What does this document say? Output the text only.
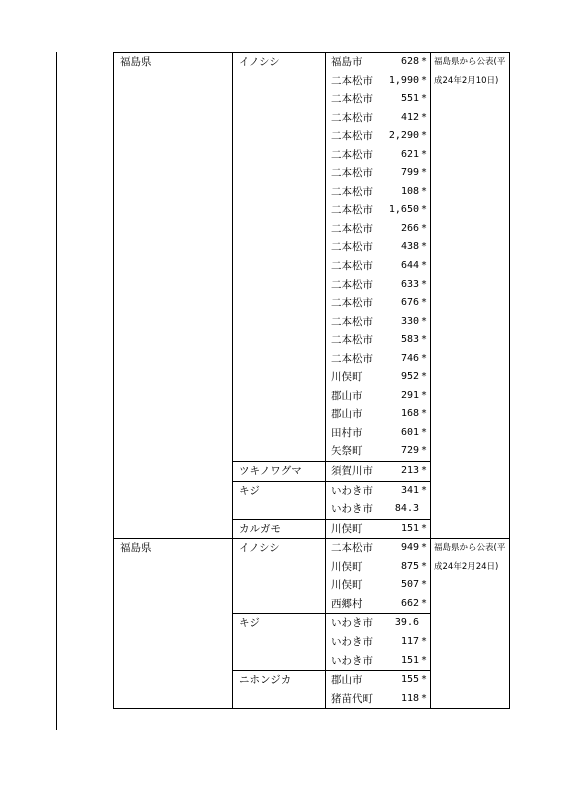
福島県	イノシシ	福島市 628 *	福島県から公表(平
成24年2月10日)

		二本松市 1,990 *	

		二本松市 551 *	

		二本松市 412 *	

		二本松市 2,290 *	

		二本松市 621 *	

		二本松市 799 *	

		二本松市 108 *	

		二本松市 1,650 *	

		二本松市 266 *	

		二本松市 438 *	

		二本松市 644 *	

		二本松市 633 *	

		二本松市 676 *	

		二本松市 330 *	

		二本松市 583 *	

		二本松市 746 *	

		川俣町 952 *	

		郡山市 291 *	

		郡山市 168 *	

		田村市 601 *	

		矢祭町 729 *	

	ツキノワグマ	須賀川市 213 *	

	キジ	いわき市 341 *	

		いわき市 84.3	

	カルガモ	川俣町 151 *	

福島県	イノシシ	二本松市 949 *	福島県から公表(平
成24年2月24日)

		川俣町 875 *	

		川俣町 507 *	

		西郷村 662 *	

	キジ	いわき市 39.6	

		いわき市 117 *	

		いわき市 151 *	

	ニホンジカ	郡山市 155 *	

		猪苗代町 118 *	
